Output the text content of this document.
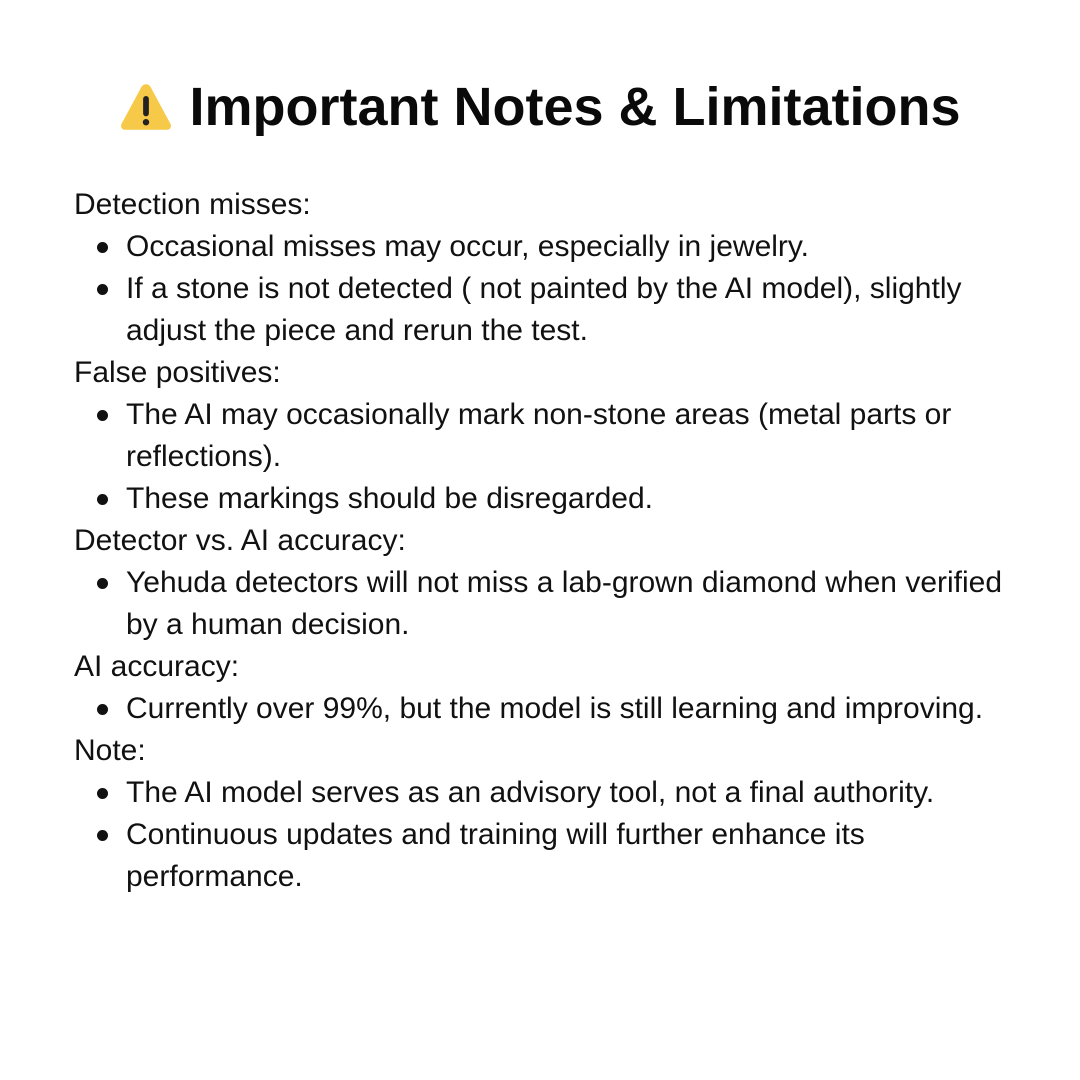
Important Notes & Limitations
Detection misses:
Occasional misses may occur, especially in jewelry.
If a stone is not detected ( not painted by the AI model), slightly adjust the piece and rerun the test.
False positives:
The AI may occasionally mark non-stone areas (metal parts or reflections).
These markings should be disregarded.
Detector vs. AI accuracy:
Yehuda detectors will not miss a lab-grown diamond when verified by a human decision.
AI accuracy:
Currently over 99%, but the model is still learning and improving.
Note:
The AI model serves as an advisory tool, not a final authority.
Continuous updates and training will further enhance its performance.
